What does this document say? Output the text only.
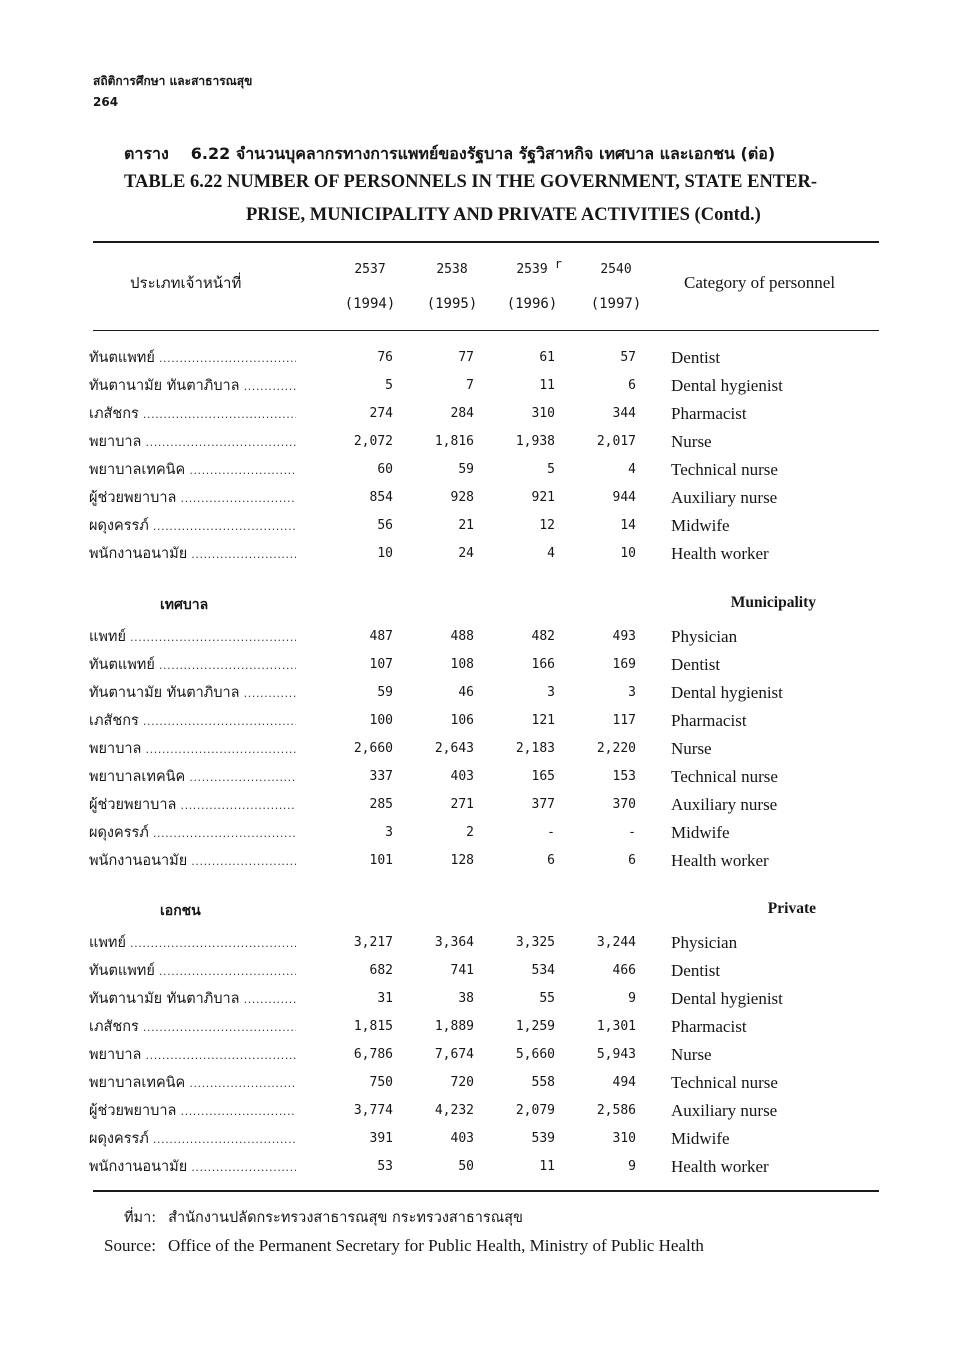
สถิติการศึกษา และสาธารณสุข
264
ตาราง 6.22 จำนวนบุคลากรทางการแพทย์ของรัฐบาล รัฐวิสาหกิจ เทศบาล และเอกชน (ต่อ)
TABLE 6.22 NUMBER OF PERSONNELS IN THE GOVERNMENT, STATE ENTER-
PRISE, MUNICIPALITY AND PRIVATE ACTIVITIES (Contd.)
ประเภทเจ้าหน้าที่	Category of personnel
2537	2538	2539 r	2540
(1994)	(1995)	(1996)	(1997)
ทันตแพทย์ .....	76	77	61	57 Dentist
ทันตานามัย ทันตาภิบาล .....	5	7	11	6 Dental hygienist
เภสัชกร .....	274	284	310	344 Pharmacist
พยาบาล .....	2,072	1,816	1,938	2,017 Nurse
พยาบาลเทคนิค .....	60	59	5	4 Technical nurse
ผู้ช่วยพยาบาล .....	854	928	921	944 Auxiliary nurse
ผดุงครรภ์ .....	56	21	12	14 Midwife
พนักงานอนามัย .....	10	24	4	10 Health worker
เทศบาล	Municipality
แพทย์ .....	487	488	482	493 Physician
ทันตแพทย์ .....	107	108	166	169 Dentist
ทันตานามัย ทันตาภิบาล .....	59	46	3	3 Dental hygienist
เภสัชกร .....	100	106	121	117 Pharmacist
พยาบาล .....	2,660	2,643	2,183	2,220 Nurse
พยาบาลเทคนิค .....	337	403	165	153 Technical nurse
ผู้ช่วยพยาบาล .....	285	271	377	370 Auxiliary nurse
ผดุงครรภ์ .....	3	2	-	- Midwife
พนักงานอนามัย .....	101	128	6	6 Health worker
เอกชน	Private
แพทย์ .....	3,217	3,364	3,325	3,244 Physician
ทันตแพทย์ .....	682	741	534	466 Dentist
ทันตานามัย ทันตาภิบาล .....	31	38	55	9 Dental hygienist
เภสัชกร .....	1,815	1,889	1,259	1,301 Pharmacist
พยาบาล .....	6,786	7,674	5,660	5,943 Nurse
พยาบาลเทคนิค .....	750	720	558	494 Technical nurse
ผู้ช่วยพยาบาล .....	3,774	4,232	2,079	2,586 Auxiliary nurse
ผดุงครรภ์ .....	391	403	539	310 Midwife
พนักงานอนามัย .....	53	50	11	9 Health worker
ที่มา: สำนักงานปลัดกระทรวงสาธารณสุข กระทรวงสาธารณสุข
Source: Office of the Permanent Secretary for Public Health, Ministry of Public Health
